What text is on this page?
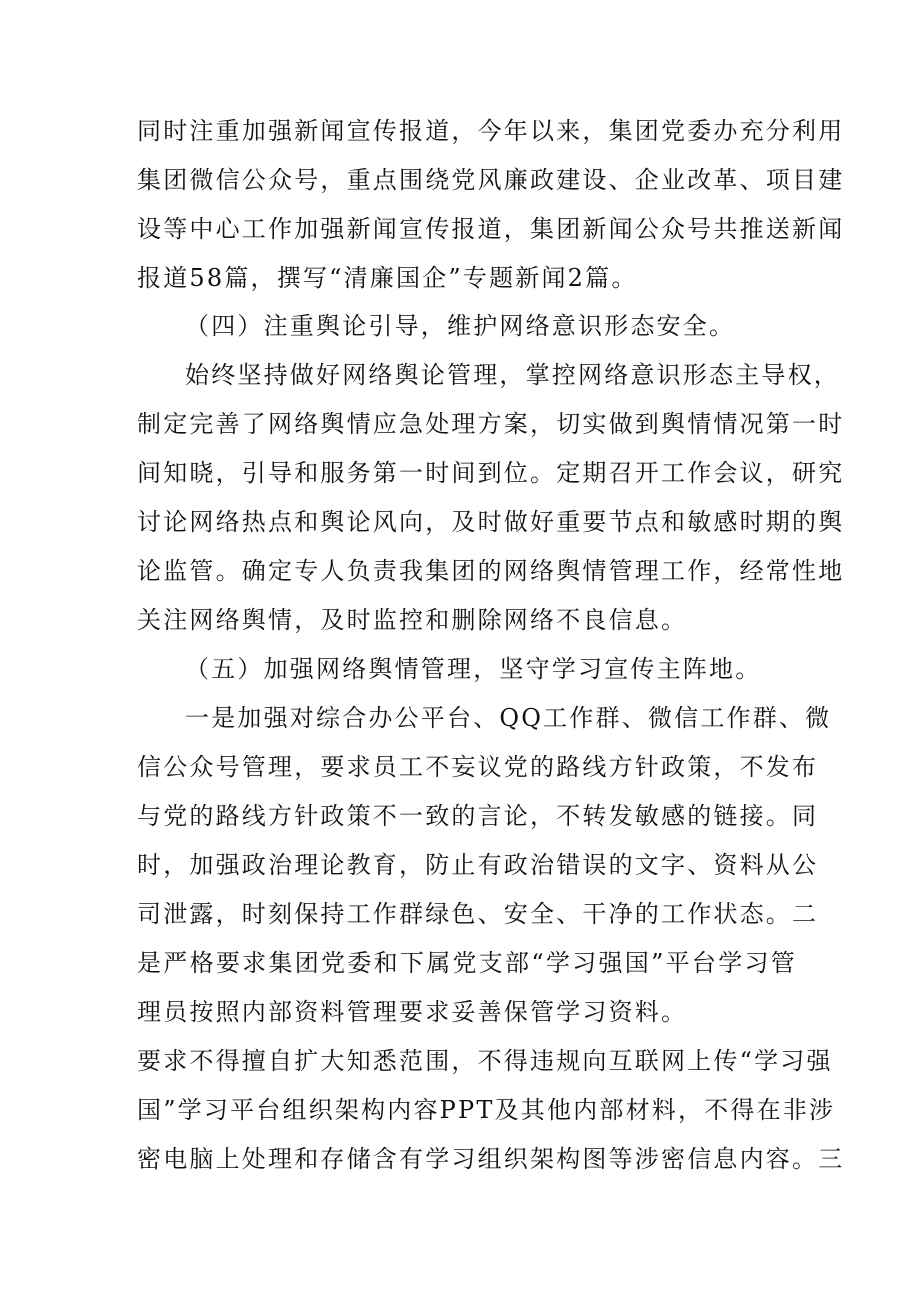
同时注重加强新闻宣传报道，今年以来，集团党委办充分利用
集团微信公众号，重点围绕党风廉政建设、企业改革、项目建
设等中心工作加强新闻宣传报道，集团新闻公众号共推送新闻
报道58篇，撰写“清廉国企”专题新闻2篇。
（四）注重舆论引导，维护网络意识形态安全。
始终坚持做好网络舆论管理，掌控网络意识形态主导权，
制定完善了网络舆情应急处理方案，切实做到舆情情况第一时
间知晓，引导和服务第一时间到位。定期召开工作会议，研究
讨论网络热点和舆论风向，及时做好重要节点和敏感时期的舆
论监管。确定专人负责我集团的网络舆情管理工作，经常性地
关注网络舆情，及时监控和删除网络不良信息。
（五）加强网络舆情管理，坚守学习宣传主阵地。
一是加强对综合办公平台、QQ工作群、微信工作群、微
信公众号管理，要求员工不妄议党的路线方针政策，不发布
与党的路线方针政策不一致的言论，不转发敏感的链接。同
时，加强政治理论教育，防止有政治错误的文字、资料从公
司泄露，时刻保持工作群绿色、安全、干净的工作状态。二
是严格要求集团党委和下属党支部“学习强国”平台学习管
理员按照内部资料管理要求妥善保管学习资料。
要求不得擅自扩大知悉范围，不得违规向互联网上传“学习强
国”学习平台组织架构内容PPT及其他内部材料，不得在非涉
密电脑上处理和存储含有学习组织架构图等涉密信息内容。三
